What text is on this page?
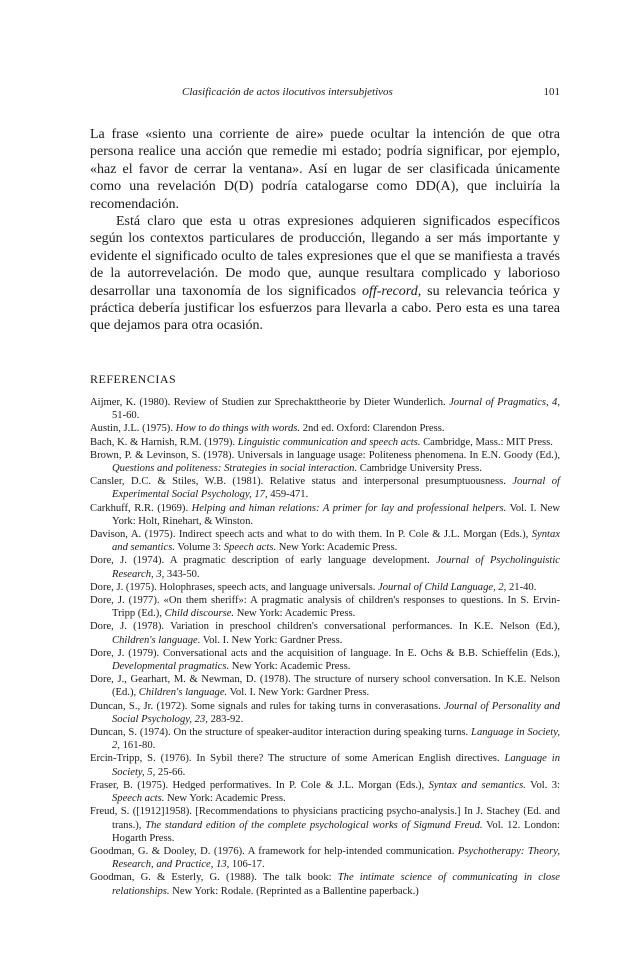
Clasificación de actos ilocutivos intersubjetivos	101

La frase «siento una corriente de aire» puede ocultar la intención de que otra persona realice una acción que remedie mi estado; podría significar, por ejemplo, «haz el favor de cerrar la ventana». Así en lugar de ser clasificada únicamente como una revelación D(D) podría catalogarse como DD(A), que incluiría la recomendación.

Está claro que esta u otras expresiones adquieren significados específicos según los contextos particulares de producción, llegando a ser más importante y evidente el significado oculto de tales expresiones que el que se manifiesta a través de la autorrevelación. De modo que, aunque resultara complicado y laborioso desarrollar una taxonomía de los significados off-record, su relevancia teórica y práctica debería justificar los esfuerzos para llevarla a cabo. Pero esta es una tarea que dejamos para otra ocasión.

REFERENCIAS

Aijmer, K. (1980). Review of Studien zur Sprechakttheorie by Dieter Wunderlich. Journal of Pragmatics, 4, 51-60.

Austin, J.L. (1975). How to do things with words. 2nd ed. Oxford: Clarendon Press.

Bach, K. & Harnish, R.M. (1979). Linguistic communication and speech acts. Cambridge, Mass.: MIT Press.

Brown, P. & Levinson, S. (1978). Universals in language usage: Politeness phenomena. In E.N. Goody (Ed.), Questions and politeness: Strategies in social interaction. Cambridge University Press.

Cansler, D.C. & Stiles, W.B. (1981). Relative status and interpersonal presumptuousness. Journal of Experimental Social Psychology, 17, 459-471.

Carkhuff, R.R. (1969). Helping and himan relations: A primer for lay and professional helpers. Vol. I. New York: Holt, Rinehart, & Winston.

Davison, A. (1975). Indirect speech acts and what to do with them. In P. Cole & J.L. Morgan (Eds.), Syntax and semantics. Volume 3: Speech acts. New York: Academic Press.

Dore, J. (1974). A pragmatic description of early language development. Journal of Psycholinguistic Research, 3, 343-50.

Dore, J. (1975). Holophrases, speech acts, and language universals. Journal of Child Language, 2, 21-40.

Dore, J. (1977). «On them sheriff»: A pragmatic analysis of children's responses to questions. In S. Ervin-Tripp (Ed.), Child discourse. New York: Academic Press.

Dore, J. (1978). Variation in preschool children's conversational performances. In K.E. Nelson (Ed.), Children's language. Vol. I. New York: Gardner Press.

Dore, J. (1979). Conversational acts and the acquisition of language. In E. Ochs & B.B. Schieffelin (Eds.), Developmental pragmatics. New York: Academic Press.

Dore, J., Gearhart, M. & Newman, D. (1978). The structure of nursery school conversation. In K.E. Nelson (Ed.), Children's language. Vol. I. New York: Gardner Press.

Duncan, S., Jr. (1972). Some signals and rules for taking turns in converasations. Journal of Personality and Social Psychology, 23, 283-92.

Duncan, S. (1974). On the structure of speaker-auditor interaction during speaking turns. Language in Society, 2, 161-80.

Ercin-Tripp, S. (1976). In Sybil there? The structure of some American English directives. Language in Society, 5, 25-66.

Fraser, B. (1975). Hedged performatives. In P. Cole & J.L. Morgan (Eds.), Syntax and semantics. Vol. 3: Speech acts. New York: Academic Press.

Freud, S. ([1912]1958). [Recommendations to physicians practicing psycho-analysis.] In J. Stachey (Ed. and trans.), The standard edition of the complete psychological works of Sigmund Freud. Vol. 12. London: Hogarth Press.

Goodman, G. & Dooley, D. (1976). A framework for help-intended communication. Psychotherapy: Theory, Research, and Practice, 13, 106-17.

Goodman, G. & Esterly, G. (1988). The talk book: The intimate science of communicating in close relationships. New York: Rodale. (Reprinted as a Ballentine paperback.)
